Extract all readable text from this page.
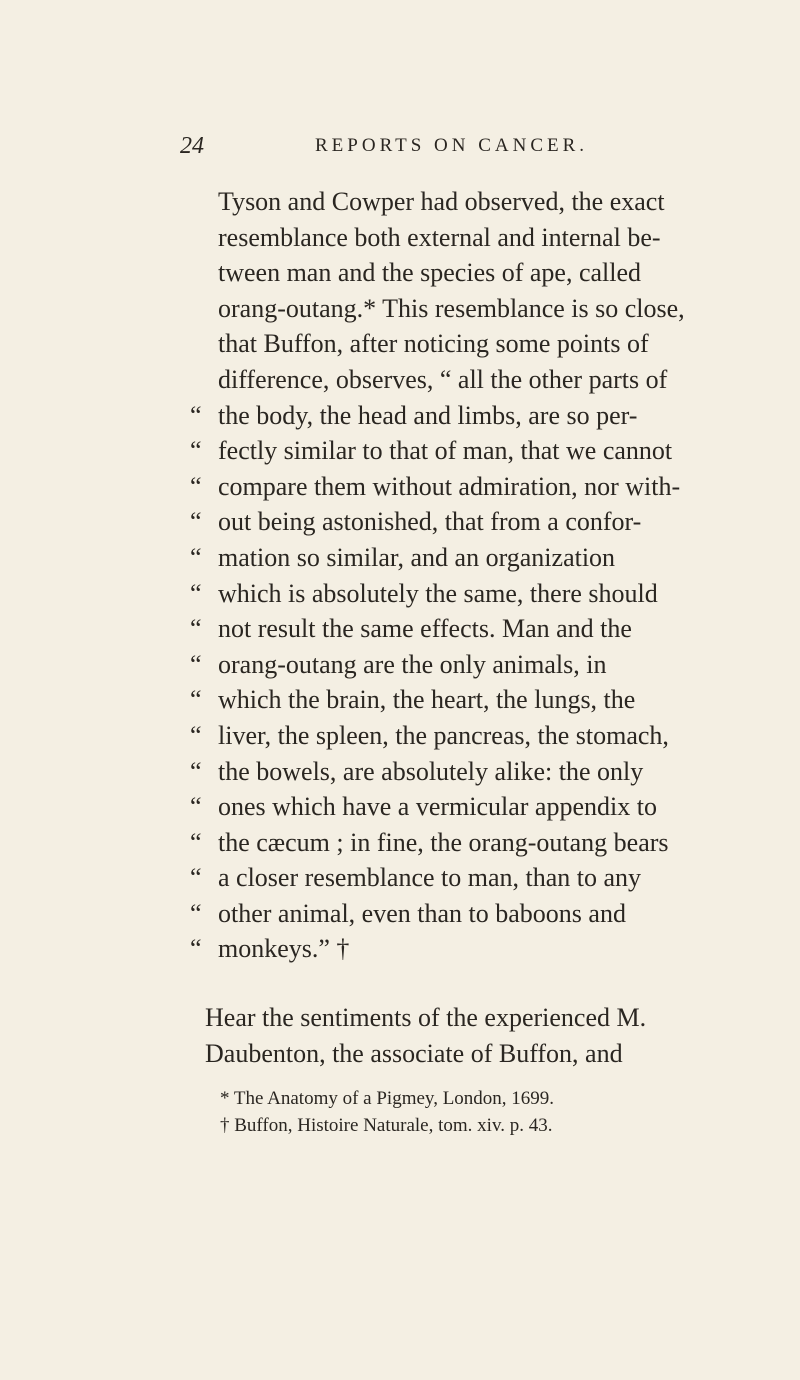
24	REPORTS ON CANCER.
Tyson and Cowper had observed, the exact
resemblance both external and internal be-
tween man and the species of ape, called
orang-outang.* This resemblance is so close,
that Buffon, after noticing some points of
difference, observes, “ all the other parts of
“ the body, the head and limbs, are so per-
“ fectly similar to that of man, that we cannot
“ compare them without admiration, nor with-
“ out being astonished, that from a confor-
“ mation so similar, and an organization
“ which is absolutely the same, there should
“ not result the same effects. Man and the
“ orang-outang are the only animals, in
“ which the brain, the heart, the lungs, the
“ liver, the spleen, the pancreas, the stomach,
“ the bowels, are absolutely alike: the only
“ ones which have a vermicular appendix to
“ the cæcum ; in fine, the orang-outang bears
“ a closer resemblance to man, than to any
“ other animal, even than to baboons and
“ monkeys.” †
Hear the sentiments of the experienced M.
Daubenton, the associate of Buffon, and
* The Anatomy of a Pigmey, London, 1699.
† Buffon, Histoire Naturale, tom. xiv. p. 43.
